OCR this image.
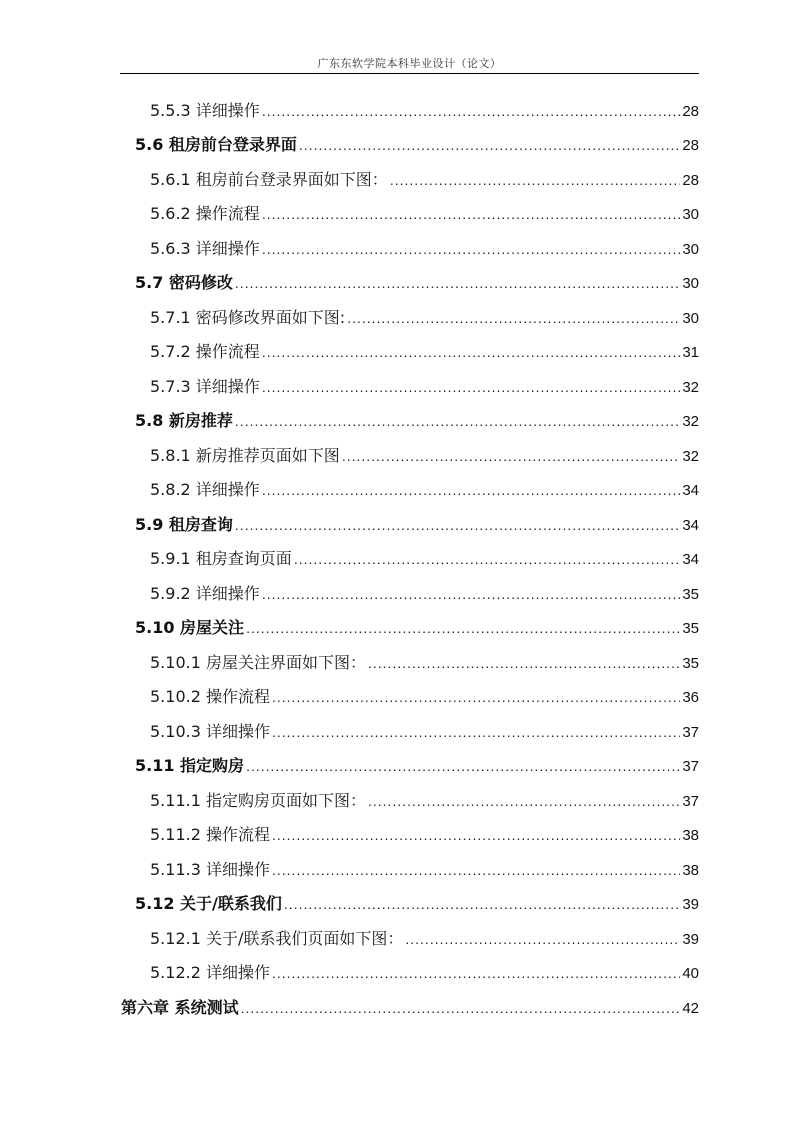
广东东软学院本科毕业设计（论文）
5.5.3 详细操作 .....	28
5.6 租房前台登录界面 .....	28
5.6.1 租房前台登录界面如下图： .....	28
5.6.2 操作流程 .....	30
5.6.3 详细操作 .....	30
5.7 密码修改 .....	30
5.7.1 密码修改界面如下图: .....	30
5.7.2 操作流程 .....	31
5.7.3 详细操作 .....	32
5.8 新房推荐 .....	32
5.8.1 新房推荐页面如下图 .....	32
5.8.2 详细操作 .....	34
5.9 租房查询 .....	34
5.9.1 租房查询页面 .....	34
5.9.2 详细操作 .....	35
5.10 房屋关注 .....	35
5.10.1 房屋关注界面如下图： .....	35
5.10.2 操作流程 .....	36
5.10.3 详细操作 .....	37
5.11 指定购房 .....	37
5.11.1 指定购房页面如下图： .....	37
5.11.2 操作流程 .....	38
5.11.3 详细操作 .....	38
5.12 关于/联系我们 .....	39
5.12.1 关于/联系我们页面如下图： .....	39
5.12.2 详细操作 .....	40
第六章 系统测试 .....	42
